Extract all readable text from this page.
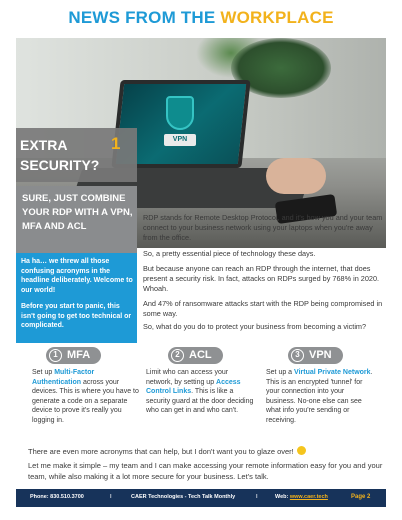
NEWS FROM THE WORKPLACE
VPN
EXTRA SECURITY?
1
SURE, JUST COMBINE YOUR RDP WITH A VPN, MFA AND ACL
Ha ha… we threw all those confusing acronyms in the headline deliberately. Welcome to our world!
Before you start to panic, this isn't going to get too technical or complicated.
RDP stands for Remote Desktop Protocol, and it's how you and your team connect to your business network using your laptops when you're away from the office.
So, a pretty essential piece of technology these days.
But because anyone can reach an RDP through the internet, that does present a security risk. In fact, attacks on RDPs surged by 768% in 2020. Whoah.
And 47% of ransomware attacks start with the RDP being compromised in some way.
So, what do you do to protect your business from becoming a victim?
1 MFA	2 ACL	3 VPN
Set up Multi-Factor Authentication across your devices. This is where you have to generate a code on a separate device to prove it's really you logging in.
Limit who can access your network, by setting up Access Control Links. This is like a security guard at the door deciding who can get in and who can't.
Set up a Virtual Private Network. This is an encrypted 'tunnel' for your connection into your business. No-one else can see what info you're sending or receiving.
There are even more acronyms that can help, but I don't want you to glaze over!
Let me make it simple – my team and I can make accessing your remote information easy for you and your team, while also making it a lot more secure for your business. Let's talk.
Phone: 830.510.3700	I	CAER Technologies - Tech Talk Monthly	I	Web: www.caer.tech	Page 2
